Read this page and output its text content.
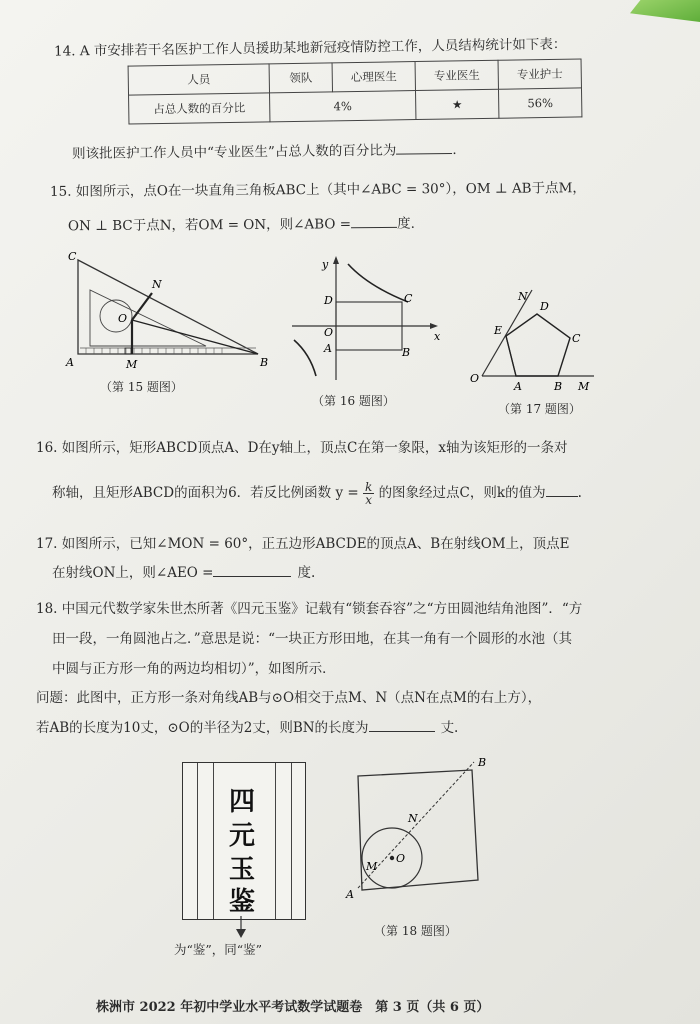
14. A 市安排若干名医护工作人员援助某地新冠疫情防控工作，人员结构统计如下表：
人员	领队	心理医生	专业医生	专业护士
占总人数的百分比	4%		★	56%
则该批医护工作人员中“专业医生”占总人数的百分比为	.
15. 如图所示，点O在一块直角三角板ABC上（其中∠ABC = 30°），OM ⊥ AB于点M，
ON ⊥ BC于点N，若OM = ON，则∠ABO =	度.
C
N
O
A	M	B
（第 15 题图）
y
x
D	C
O
A	B
（第 16 题图）
O
A	B M
C
D
E
N
（第 17 题图）
16. 如图所示，矩形ABCD顶点A、D在y轴上，顶点C在第一象限，x轴为该矩形的一条对
称轴，且矩形ABCD的面积为6．若反比例函数 $y = \frac{k}{x}$ 的图象经过点C，则k的值为 .
17. 如图所示，已知∠MON = 60°，正五边形ABCDE的顶点A、B在射线OM上，顶点E
在射线ON上，则∠AEO =	度.
18. 中国元代数学家朱世杰所著《四元玉鉴》记载有“锁套吞容”之“方田圆池结角池图”．“方
田一段，一角圆池占之．”意思是说：“一块正方形田地，在其一角有一个圆形的水池（其
中圆与正方形一角的两边均相切）”，如图所示．
问题：此图中，正方形一条对角线AB与⊙O相交于点M、N（点N在点M的右上方），
若AB的长度为10丈，⊙O的半径为2丈，则BN的长度为	丈.
四
元
玉
鉴
为“鉴”，同“鉴”
B
N
M
O
A
（第 18 题图）
株洲市 2022 年初中学业水平考试数学试题卷　第 3 页（共 6 页）
